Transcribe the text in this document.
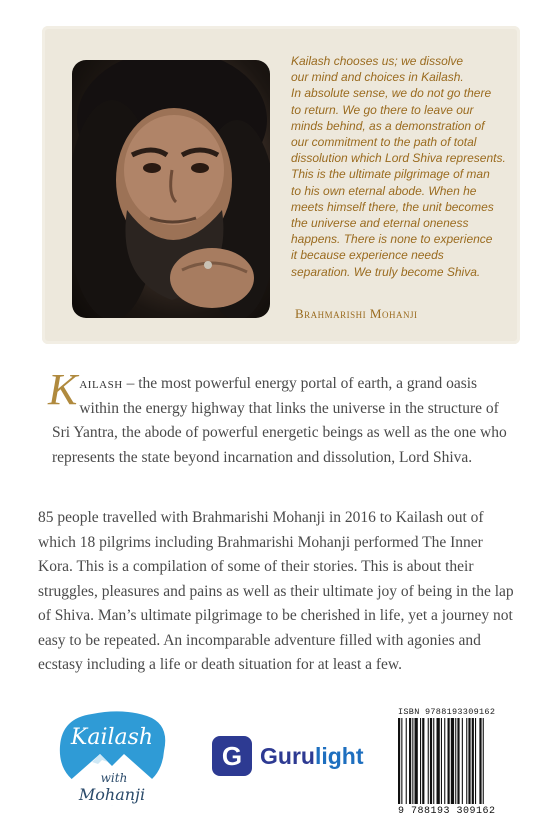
Kailash chooses us; we dissolve
our mind and choices in Kailash.
In absolute sense, we do not go there
to return. We go there to leave our
minds behind, as a demonstration of
our commitment to the path of total
dissolution which Lord Shiva represents.
This is the ultimate pilgrimage of man
to his own eternal abode. When he
meets himself there, the unit becomes
the universe and eternal oneness
happens. There is none to experience
it because experience needs
separation. We truly become Shiva.
Brahmarishi Mohanji

Kailash – the most powerful energy portal of earth, a grand oasis within the energy highway that links the universe in the structure of Sri Yantra, the abode of powerful energetic beings as well as the one who represents the state beyond incarnation and dissolution, Lord Shiva.

85 people travelled with Brahmarishi Mohanji in 2016 to Kailash out of which 18 pilgrims including Brahmarishi Mohanji performed The Inner Kora. This is a compilation of some of their stories. This is about their struggles, pleasures and pains as well as their ultimate joy of being in the lap of Shiva. Man’s ultimate pilgrimage to be cherished in life, yet a journey not easy to be repeated. An incomparable adventure filled with agonies and ecstasy including a life or death situation for at least a few.

Kailash
with
Mohanji
G Gurulight
ISBN 9788193309162
9 788193 309162
